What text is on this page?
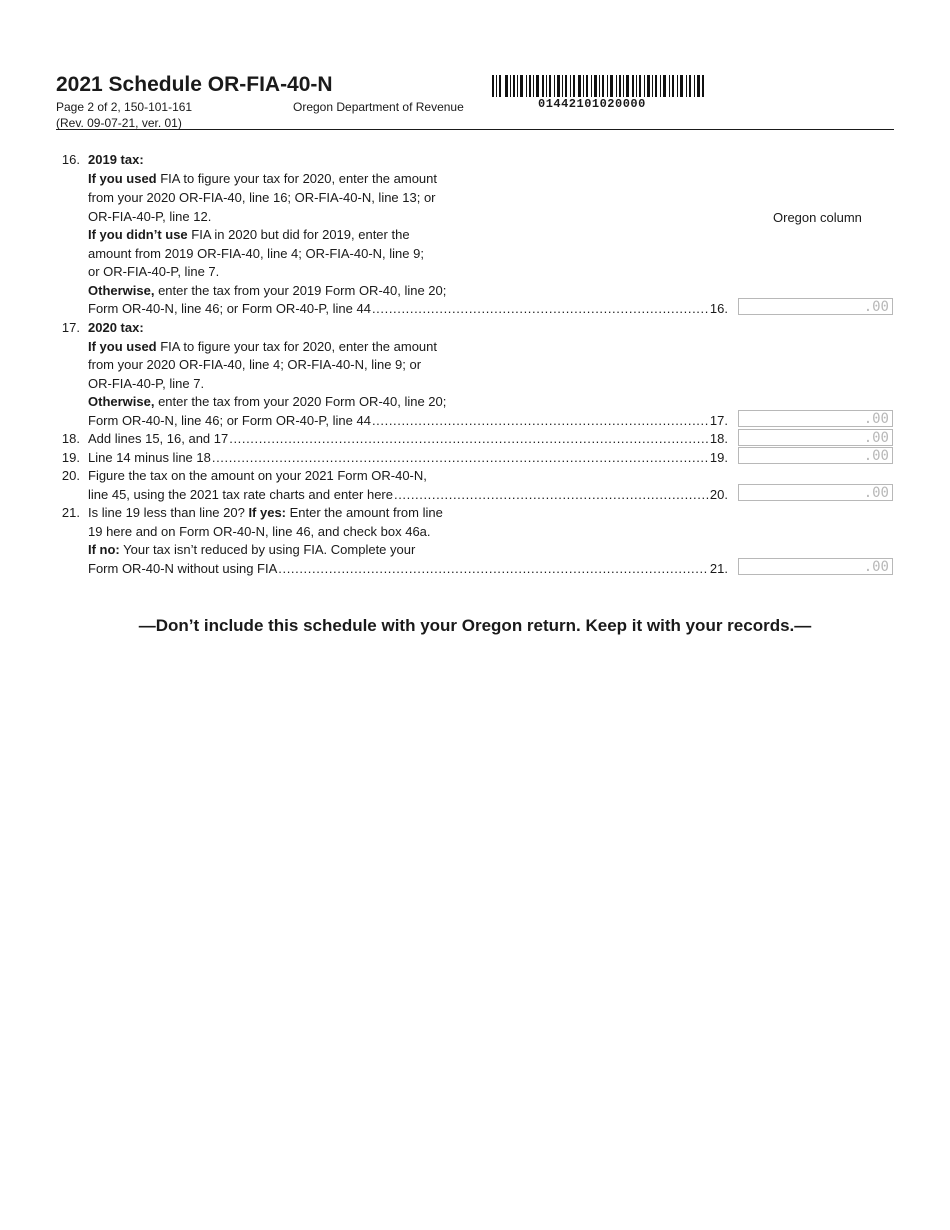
2021 Schedule OR-FIA-40-N
Page 2 of 2, 150-101-161
(Rev. 09-07-21, ver. 01)
Oregon Department of Revenue	01442101020000
Oregon column
16. 2019 tax:
If you used FIA to figure your tax for 2020, enter the amount
from your 2020 OR-FIA-40, line 16; OR-FIA-40-N, line 13; or
OR-FIA-40-P, line 12.
If you didn’t use FIA in 2020 but did for 2019, enter the
amount from 2019 OR-FIA-40, line 4; OR-FIA-40-N, line 9;
or OR-FIA-40-P, line 7.
Otherwise, enter the tax from your 2019 Form OR-40, line 20;
Form OR-40-N, line 46; or Form OR-40-P, line 44 .....	16.	.00
17. 2020 tax:
If you used FIA to figure your tax for 2020, enter the amount
from your 2020 OR-FIA-40, line 4; OR-FIA-40-N, line 9; or
OR-FIA-40-P, line 7.
Otherwise, enter the tax from your 2020 Form OR-40, line 20;
Form OR-40-N, line 46; or Form OR-40-P, line 44 .....	17.	.00
18. Add lines 15, 16, and 17 .....	18.	.00
19. Line 14 minus line 18 .....	19.	.00
20. Figure the tax on the amount on your 2021 Form OR-40-N,
line 45, using the 2021 tax rate charts and enter here .....	20.	.00
21. Is line 19 less than line 20? If yes: Enter the amount from line
19 here and on Form OR-40-N, line 46, and check box 46a.
If no: Your tax isn’t reduced by using FIA. Complete your
Form OR-40-N without using FIA .....	21.	.00
—Don’t include this schedule with your Oregon return. Keep it with your records.—
